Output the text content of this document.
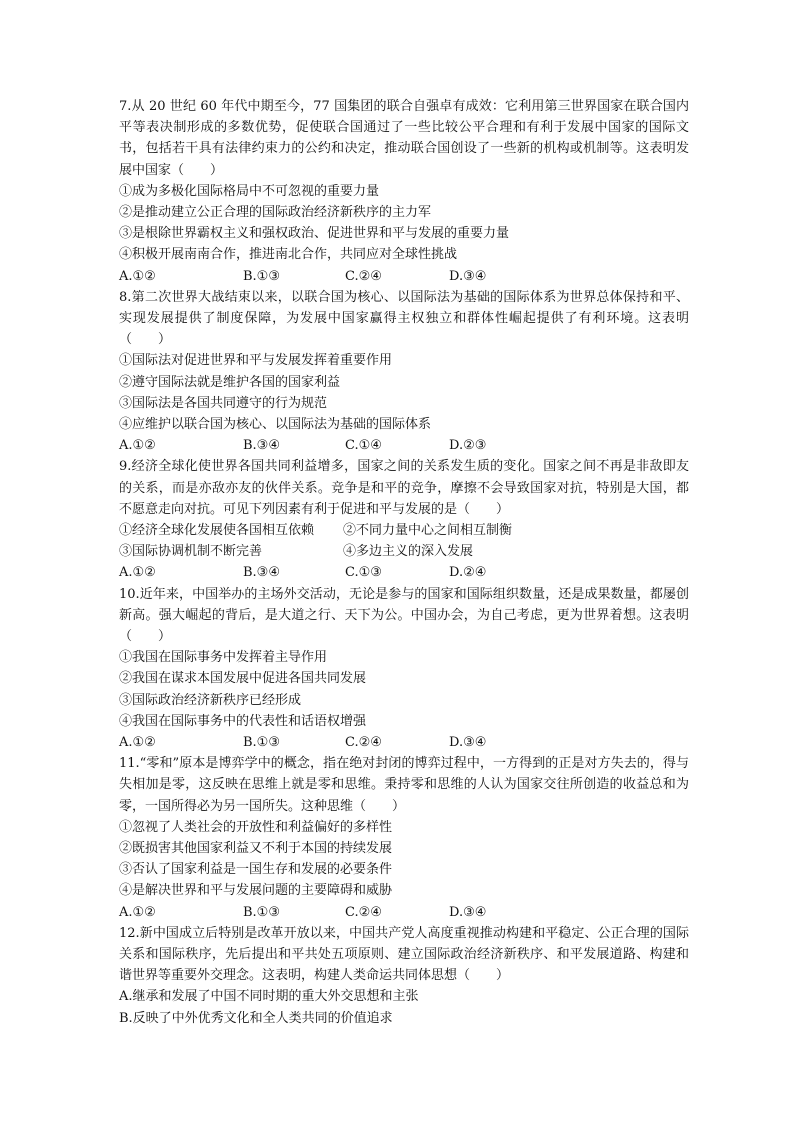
7.从 20 世纪 60 年代中期至今，77 国集团的联合自强卓有成效：它利用第三世界国家在联合国内平等表决制形成的多数优势，促使联合国通过了一些比较公平合理和有利于发展中国家的国际文书，包括若干具有法律约束力的公约和决定，推动联合国创设了一些新的机构或机制等。这表明发展中国家（　　）
①成为多极化国际格局中不可忽视的重要力量
②是推动建立公正合理的国际政治经济新秩序的主力军
③是根除世界霸权主义和强权政治、促进世界和平与发展的重要力量
④积极开展南南合作，推进南北合作，共同应对全球性挑战
A.①②	B.①③	C.②④	D.③④
8.第二次世界大战结束以来，以联合国为核心、以国际法为基础的国际体系为世界总体保持和平、实现发展提供了制度保障，为发展中国家赢得主权独立和群体性崛起提供了有利环境。这表明（　　）
①国际法对促进世界和平与发展发挥着重要作用
②遵守国际法就是维护各国的国家利益
③国际法是各国共同遵守的行为规范
④应维护以联合国为核心、以国际法为基础的国际体系
A.①②	B.③④	C.①④	D.②③
9.经济全球化使世界各国共同利益增多，国家之间的关系发生质的变化。国家之间不再是非敌即友的关系，而是亦敌亦友的伙伴关系。竞争是和平的竞争，摩擦不会导致国家对抗，特别是大国，都不愿意走向对抗。可见下列因素有利于促进和平与发展的是（　　）
①经济全球化发展使各国相互依赖 ②不同力量中心之间相互制衡
③国际协调机制不断完善	④多边主义的深入发展
A.①②	B.③④	C.①③	D.②④
10.近年来，中国举办的主场外交活动，无论是参与的国家和国际组织数量，还是成果数量，都屡创新高。强大崛起的背后，是大道之行、天下为公。中国办会，为自己考虑，更为世界着想。这表明（　　）
①我国在国际事务中发挥着主导作用
②我国在谋求本国发展中促进各国共同发展
③国际政治经济新秩序已经形成
④我国在国际事务中的代表性和话语权增强
A.①②	B.①③	C.②④	D.③④
11.“零和”原本是博弈学中的概念，指在绝对封闭的博弈过程中，一方得到的正是对方失去的，得与失相加是零，这反映在思维上就是零和思维。秉持零和思维的人认为国家交往所创造的收益总和为零，一国所得必为另一国所失。这种思维（　　）
①忽视了人类社会的开放性和利益偏好的多样性
②既损害其他国家利益又不利于本国的持续发展
③否认了国家利益是一国生存和发展的必要条件
④是解决世界和平与发展问题的主要障碍和威胁
A.①②	B.①③	C.②④	D.③④
12.新中国成立后特别是改革开放以来，中国共产党人高度重视推动构建和平稳定、公正合理的国际关系和国际秩序，先后提出和平共处五项原则、建立国际政治经济新秩序、和平发展道路、构建和谐世界等重要外交理念。这表明，构建人类命运共同体思想（　　）
A.继承和发展了中国不同时期的重大外交思想和主张
B.反映了中外优秀文化和全人类共同的价值追求
